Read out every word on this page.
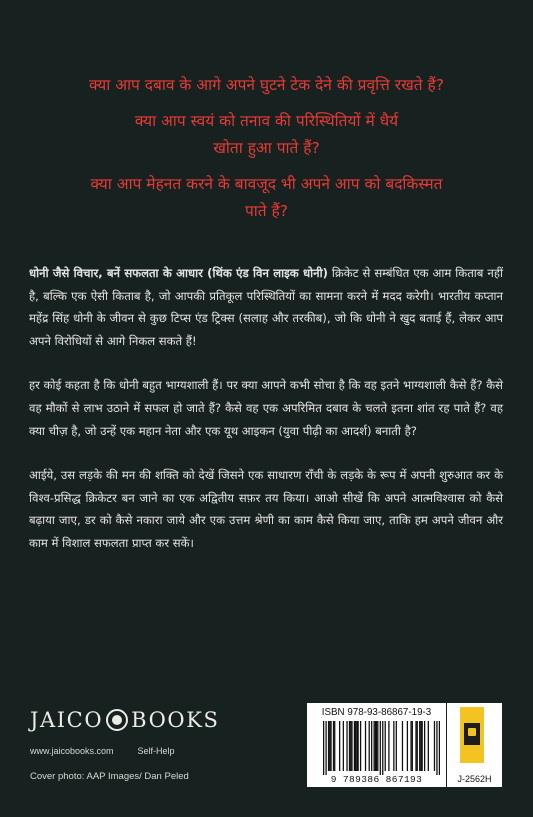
क्या आप दबाव के आगे अपने घुटने टेक देने की प्रवृत्ति रखते हैं?
क्या आप स्वयं को तनाव की परिस्थितियों में धैर्य खोता हुआ पाते हैं?
क्या आप मेहनत करने के बावजूद भी अपने आप को बदकिस्मत पाते हैं?

धोनी जैसे विचार, बनें सफलता के आधार (थिंक एंड विन लाइक धोनी) क्रिकेट से सम्बंधित एक आम किताब नहीं है, बल्कि एक ऐसी किताब है, जो आपकी प्रतिकूल परिस्थितियों का सामना करने में मदद करेगी। भारतीय कप्तान महेंद्र सिंह धोनी के जीवन से कुछ टिप्स एंड ट्रिक्स (सलाह और तरकीब), जो कि धोनी ने खुद बताई हैं, लेकर आप अपने विरोधियों से आगे निकल सकते हैं!

हर कोई कहता है कि धोनी बहुत भाग्यशाली हैं। पर क्या आपने कभी सोचा है कि वह इतने भाग्यशाली कैसे हैं? कैसे वह मौकों से लाभ उठाने में सफल हो जाते हैं? कैसे वह एक अपरिमित दबाव के चलते इतना शांत रह पाते हैं? वह क्या चीज़ है, जो उन्हें एक महान नेता और एक यूथ आइकन (युवा पीढ़ी का आदर्श) बनाती है?

आईये, उस लड़के की मन की शक्ति को देखें जिसने एक साधारण राँची के लड़के के रूप में अपनी शुरुआत कर के विश्व-प्रसिद्ध क्रिकेटर बन जाने का एक अद्वितीय सफ़र तय किया। आओ सीखें कि अपने आत्मविश्वास को कैसे बढ़ाया जाए, डर को कैसे नकारा जाये और एक उत्तम श्रेणी का काम कैसे किया जाए, ताकि हम अपने जीवन और काम में विशाल सफलता प्राप्त कर सकें।

JAICO BOOKS
www.jaicobooks.com	Self-Help
Cover photo: AAP Images/ Dan Peled
ISBN 978-93-86867-19-3
9 789386 867193	J-2562H
